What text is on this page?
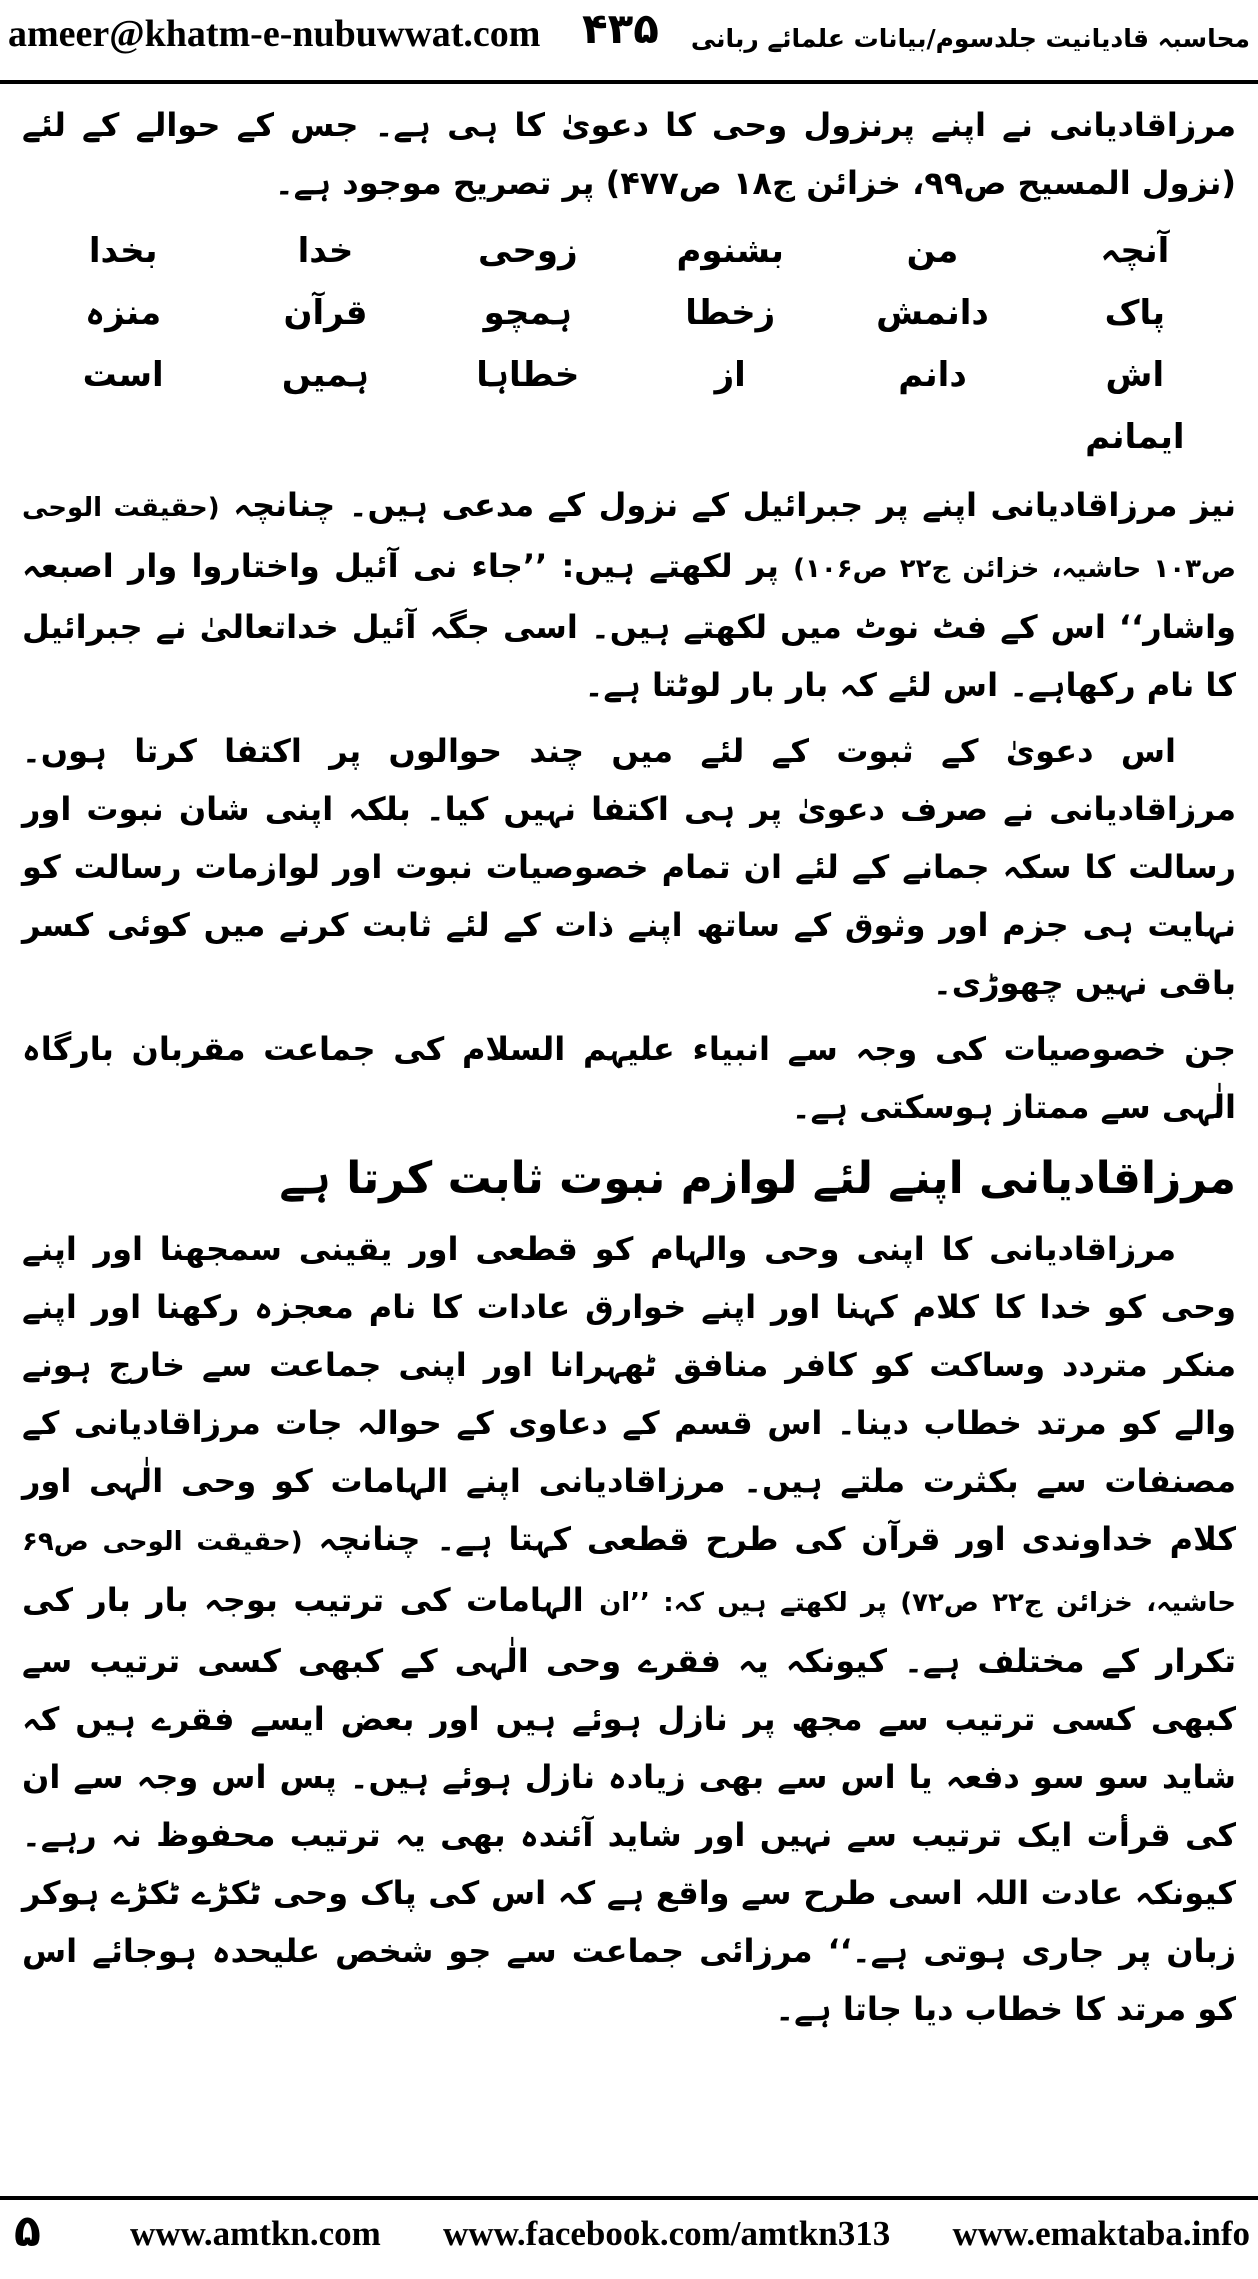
ameer@khatm-e-nubuwwat.com ۴۳۵ محاسبہ قادیانیت جلدسوم/بیانات علمائے ربانی

مرزاقادیانی نے اپنے پرنزول وحی کا دعویٰ کا ہی ہے۔ جس کے حوالے کے لئے (نزول المسیح ص۹۹، خزائن ج۱۸ ص۴۷۷) پر تصریح موجود ہے۔

آنچہ
من
بشنوم
زوحی
خدا
بخدا
پاک
دانمش
زخطا
ہمچو
قرآن
منزہ
اش
دانم
از
خطاہا
ہمیں
است
ایمانم

نیز مرزاقادیانی اپنے پر جبرائیل کے نزول کے مدعی ہیں۔ چنانچہ (حقیقت الوحی ص۱۰۳ حاشیہ، خزائن ج۲۲ ص۱۰۶) پر لکھتے ہیں: ’’جاء نی آئیل واختاروا وار اصبعہ واشار‘‘ اس کے فٹ نوٹ میں لکھتے ہیں۔ اسی جگہ آئیل خداتعالیٰ نے جبرائیل کا نام رکھاہے۔ اس لئے کہ بار بار لوٹتا ہے۔

اس دعویٰ کے ثبوت کے لئے میں چند حوالوں پر اکتفا کرتا ہوں۔ مرزاقادیانی نے صرف دعویٰ پر ہی اکتفا نہیں کیا۔ بلکہ اپنی شان نبوت اور رسالت کا سکہ جمانے کے لئے ان تمام خصوصیات نبوت اور لوازمات رسالت کو نہایت ہی جزم اور وثوق کے ساتھ اپنے ذات کے لئے ثابت کرنے میں کوئی کسر باقی نہیں چھوڑی۔

جن خصوصیات کی وجہ سے انبیاء علیہم السلام کی جماعت مقربان بارگاہ الٰہی سے ممتاز ہوسکتی ہے۔

مرزاقادیانی اپنے لئے لوازم نبوت ثابت کرتا ہے

مرزاقادیانی کا اپنی وحی والہام کو قطعی اور یقینی سمجھنا اور اپنے وحی کو خدا کا کلام کہنا اور اپنے خوارق عادات کا نام معجزہ رکھنا اور اپنے منکر متردد وساکت کو کافر منافق ٹھہرانا اور اپنی جماعت سے خارج ہونے والے کو مرتد خطاب دینا۔ اس قسم کے دعاوی کے حوالہ جات مرزاقادیانی کے مصنفات سے بکثرت ملتے ہیں۔ مرزاقادیانی اپنے الہامات کو وحی الٰہی اور کلام خداوندی اور قرآن کی طرح قطعی کہتا ہے۔ چنانچہ (حقیقت الوحی ص۶۹ حاشیہ، خزائن ج۲۲ ص۷۲) پر لکھتے ہیں کہ: ’’ان الہامات کی ترتیب بوجہ بار بار کی تکرار کے مختلف ہے۔ کیونکہ یہ فقرے وحی الٰہی کے کبھی کسی ترتیب سے کبھی کسی ترتیب سے مجھ پر نازل ہوئے ہیں اور بعض ایسے فقرے ہیں کہ شاید سو سو دفعہ یا اس سے بھی زیادہ نازل ہوئے ہیں۔ پس اس وجہ سے ان کی قرأت ایک ترتیب سے نہیں اور شاید آئندہ بھی یہ ترتیب محفوظ نہ رہے۔ کیونکہ عادت اللہ اسی طرح سے واقع ہے کہ اس کی پاک وحی ٹکڑے ٹکڑے ہوکر زبان پر جاری ہوتی ہے۔‘‘ مرزائی جماعت سے جو شخص علیحدہ ہوجائے اس کو مرتد کا خطاب دیا جاتا ہے۔

۵	www.amtkn.com www.facebook.com/amtkn313 www.emaktaba.info
